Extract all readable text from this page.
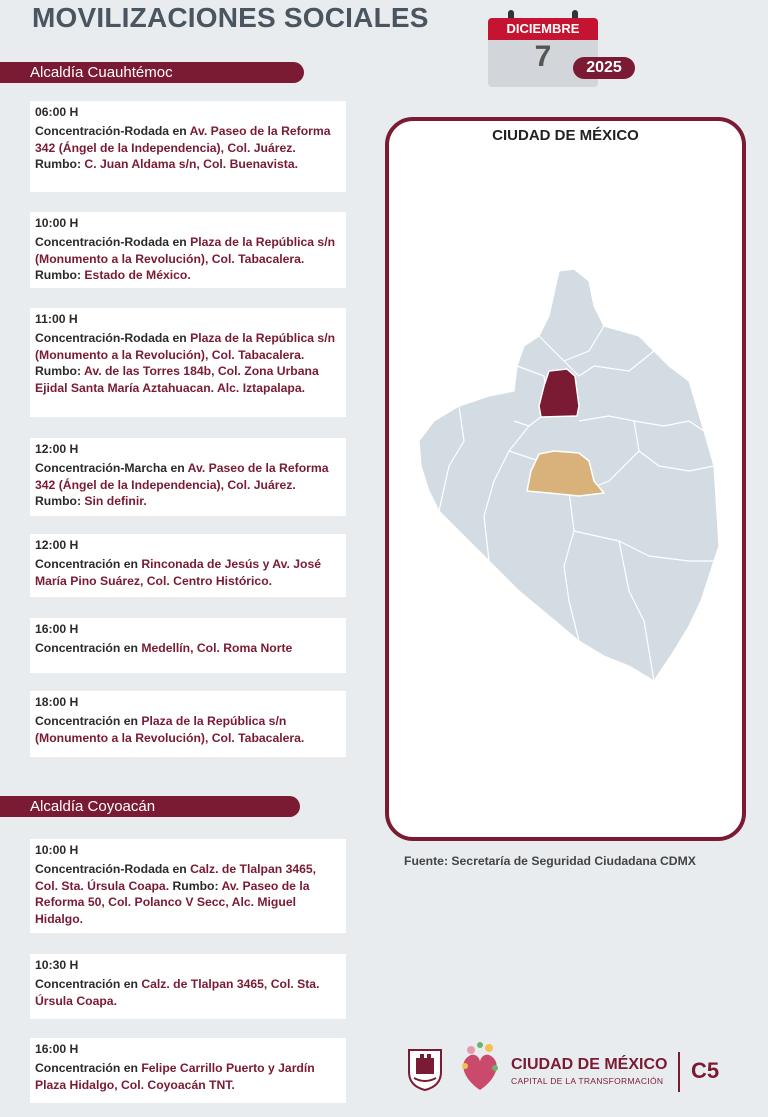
MOVILIZACIONES SOCIALES	DICIEMBRE
7	2025
Alcaldía Cuauhtémoc
06:00 H
Concentración-Rodada en Av. Paseo de la Reforma 342 (Ángel de la Independencia), Col. Juárez. Rumbo: C. Juan Aldama s/n, Col. Buenavista.
10:00 H
Concentración-Rodada en Plaza de la República s/n (Monumento a la Revolución), Col. Tabacalera. Rumbo: Estado de México.
11:00 H
Concentración-Rodada en Plaza de la República s/n (Monumento a la Revolución), Col. Tabacalera. Rumbo: Av. de las Torres 184b, Col. Zona Urbana Ejidal Santa María Aztahuacan. Alc. Iztapalapa.
12:00 H
Concentración-Marcha en Av. Paseo de la Reforma 342 (Ángel de la Independencia), Col. Juárez. Rumbo: Sin definir.
12:00 H
Concentración en Rinconada de Jesús y Av. José María Pino Suárez, Col. Centro Histórico.
16:00 H
Concentración en Medellín, Col. Roma Norte
18:00 H
Concentración en Plaza de la República s/n (Monumento a la Revolución), Col. Tabacalera.
Alcaldía Coyoacán
10:00 H
Concentración-Rodada en Calz. de Tlalpan 3465, Col. Sta. Úrsula Coapa. Rumbo: Av. Paseo de la Reforma 50, Col. Polanco V Secc, Alc. Miguel Hidalgo.
10:30 H
Concentración en Calz. de Tlalpan 3465, Col. Sta. Úrsula Coapa.
16:00 H
Concentración en Felipe Carrillo Puerto y Jardín Plaza Hidalgo, Col. Coyoacán TNT.
CIUDAD DE MÉXICO
Fuente: Secretaría de Seguridad Ciudadana CDMX
CIUDAD DE MÉXICO
CAPITAL DE LA TRANSFORMACIÓN C5
